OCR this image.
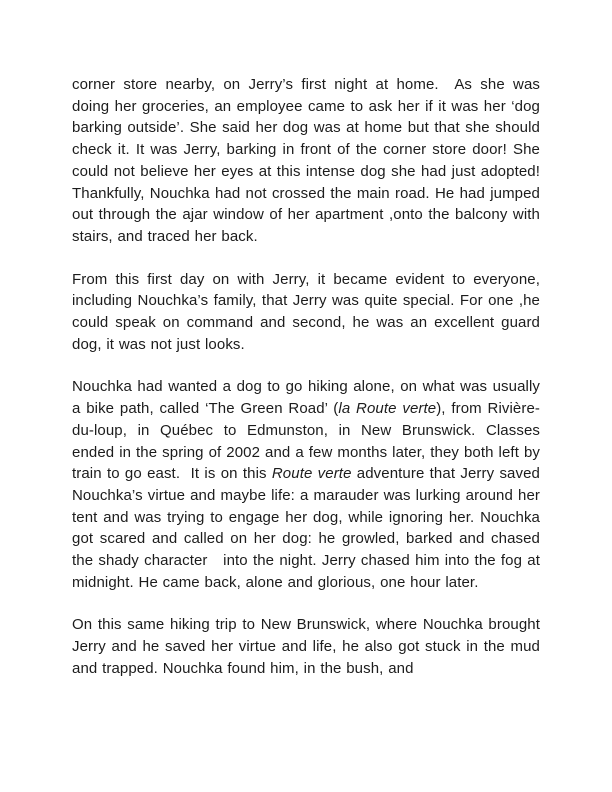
corner store nearby, on Jerry’s first night at home.  As she was doing her groceries, an employee came to ask her if it was her ‘dog barking outside’. She said her dog was at home but that she should check it. It was Jerry, barking in front of the corner store door! She could not believe her eyes at this intense dog she had just adopted! Thankfully, Nouchka had not crossed the main road. He had jumped out through the ajar window of her apartment ,onto the balcony with stairs, and traced her back.

From this first day on with Jerry, it became evident to everyone, including Nouchka’s family, that Jerry was quite special. For one ,he could speak on command and second, he was an excellent guard dog, it was not just looks.

Nouchka had wanted a dog to go hiking alone, on what was usually a bike path, called ‘The Green Road’ (la Route verte), from Rivière-du-loup, in Québec to Edmunston, in New Brunswick. Classes ended in the spring of 2002 and a few months later, they both left by train to go east.  It is on this Route verte adventure that Jerry saved Nouchka’s virtue and maybe life: a marauder was lurking around her tent and was trying to engage her dog, while ignoring her. Nouchka got scared and called on her dog: he growled, barked and chased the shady character   into the night. Jerry chased him into the fog at midnight. He came back, alone and glorious, one hour later.

On this same hiking trip to New Brunswick, where Nouchka brought Jerry and he saved her virtue and life, he also got stuck in the mud and trapped. Nouchka found him, in the bush, and
